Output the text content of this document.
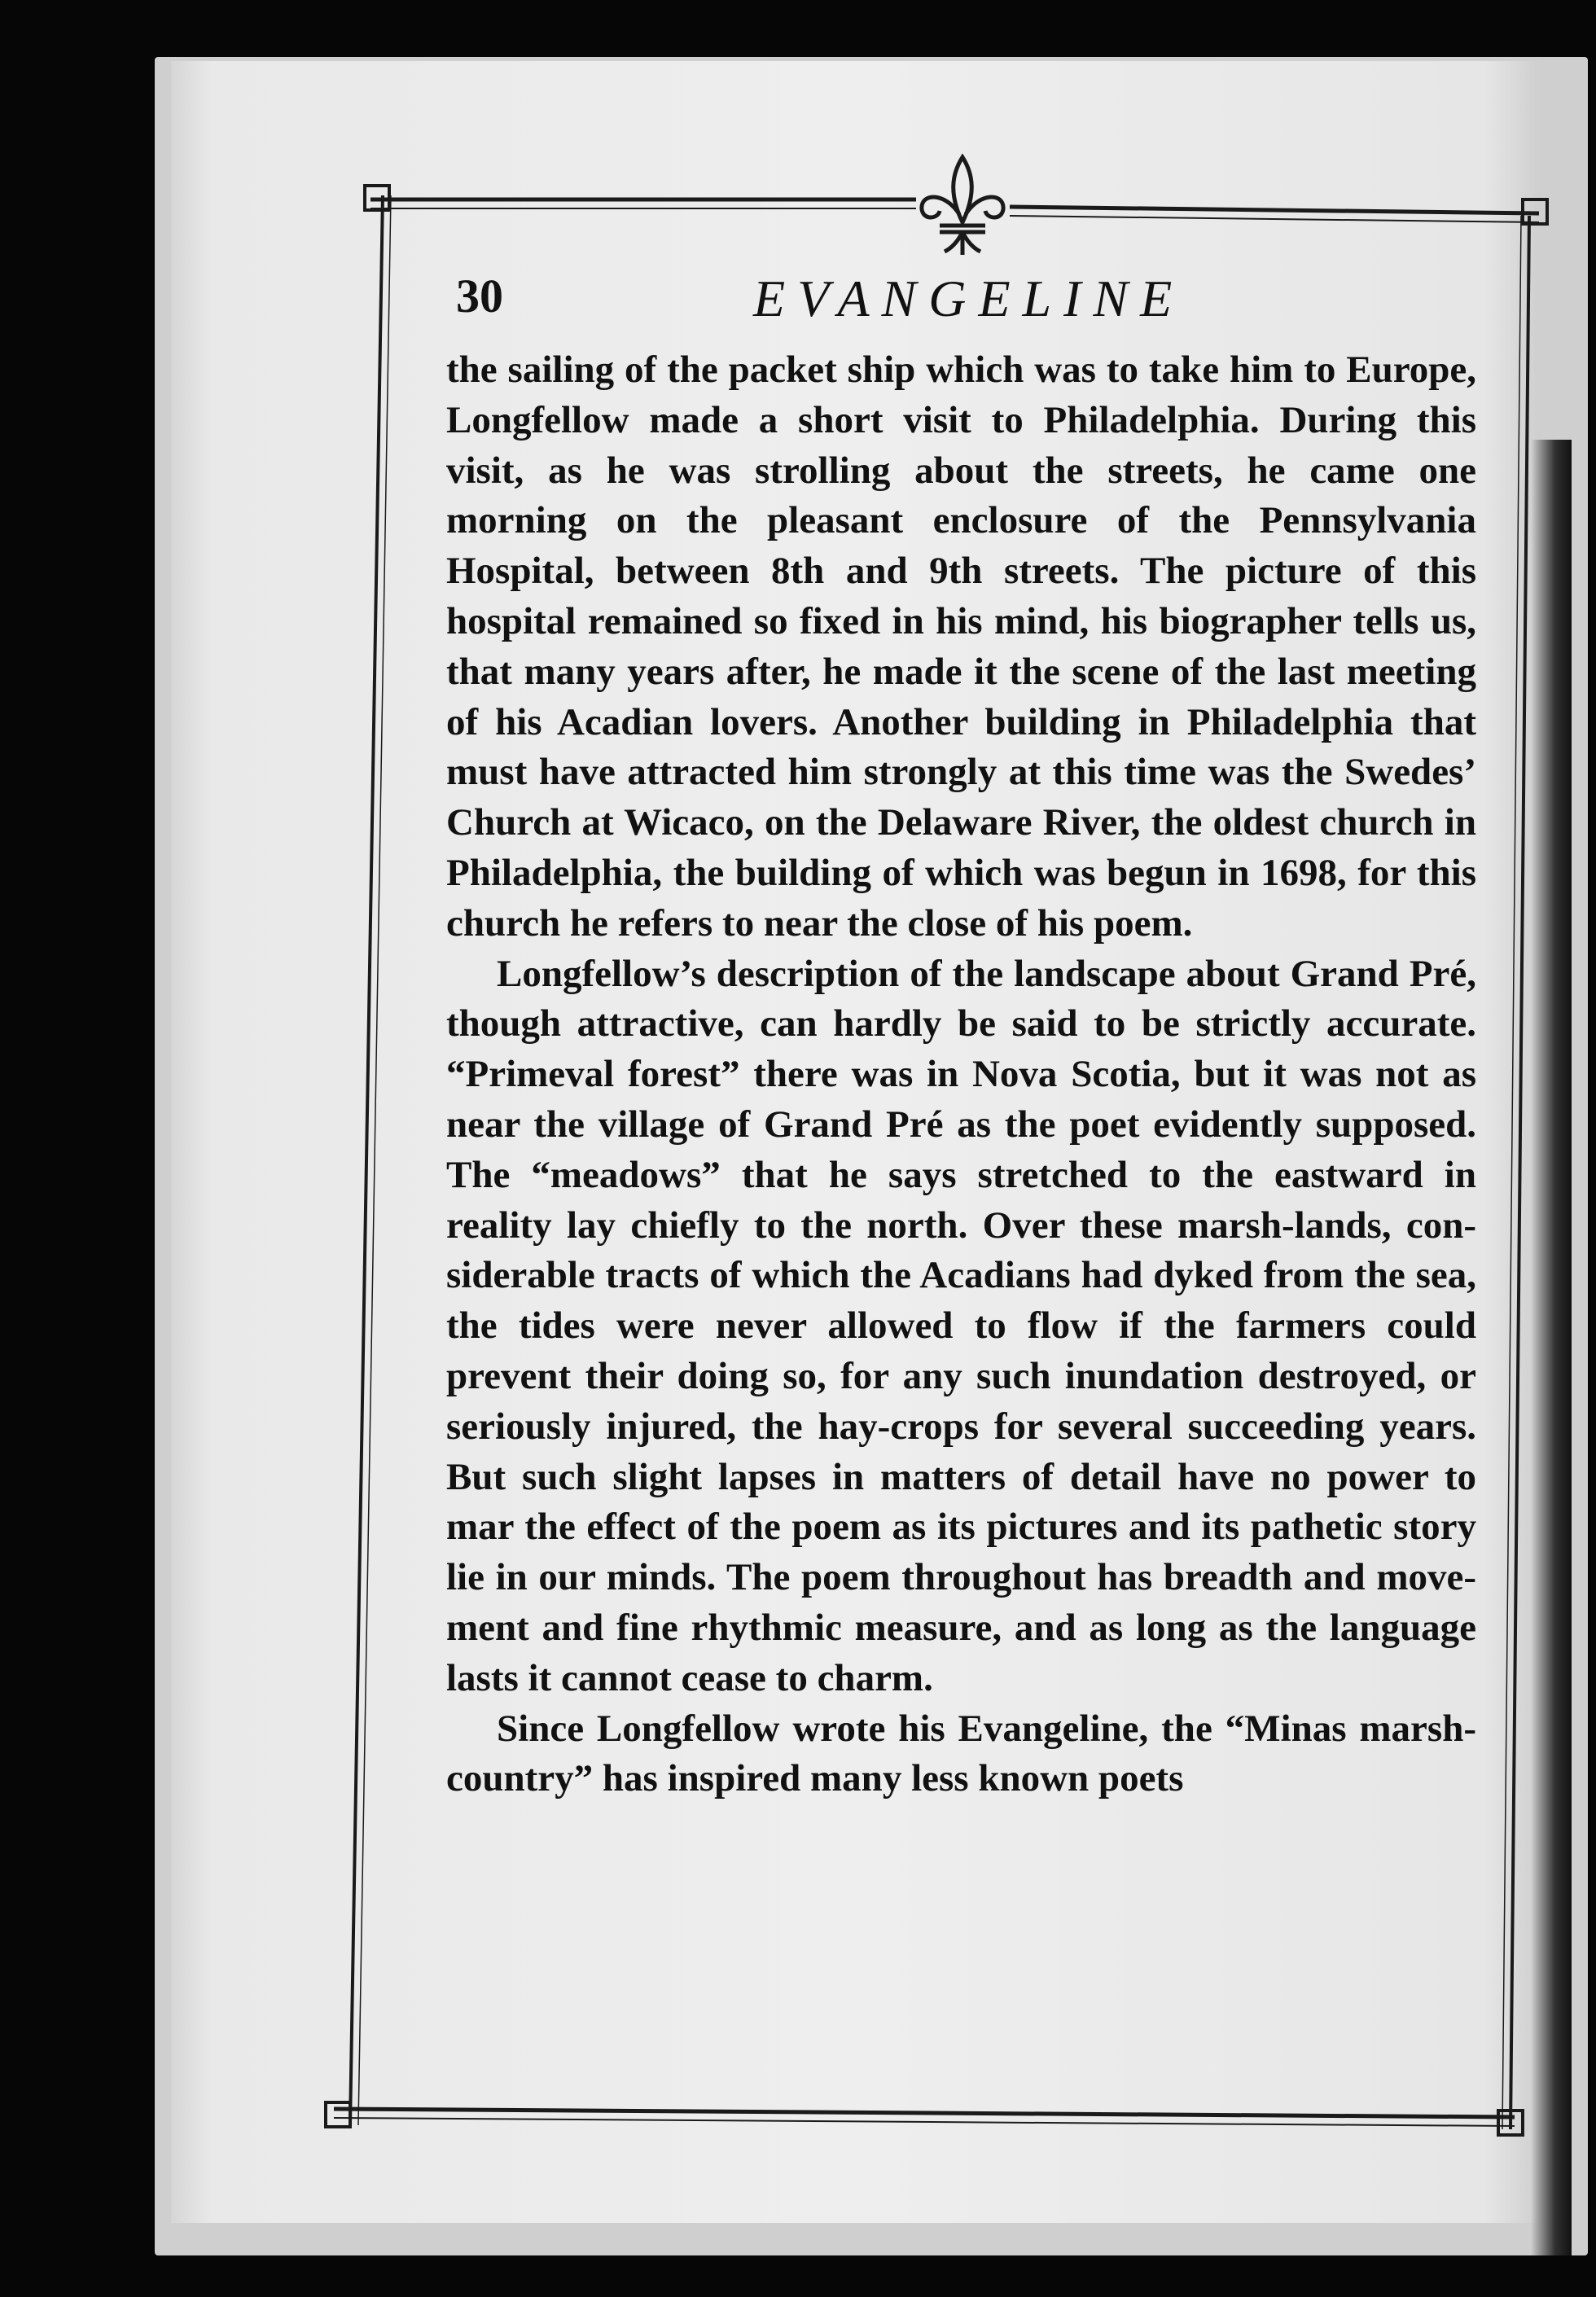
30	EVANGELINE

the sailing of the packet ship which was to take him to Europe, Longfellow made a short visit to Philadelphia. During this visit, as he was strolling about the streets, he came one morning on the pleasant enclosure of the Pennsylvania Hospital, between 8th and 9th streets. The picture of this hospital remained so fixed in his mind, his biographer tells us, that many years after, he made it the scene of the last meeting of his Acadian lovers. Another building in Philadelphia that must have attracted him strongly at this time was the Swedes’ Church at Wicaco, on the Delaware River, the oldest church in Philadelphia, the building of which was begun in 1698, for this church he refers to near the close of his poem.

Longfellow’s description of the landscape about Grand Pré, though attractive, can hardly be said to be strictly accurate. “Primeval forest” there was in Nova Scotia, but it was not as near the village of Grand Pré as the poet evidently supposed. The “meadows” that he says stretched to the eastward in reality lay chiefly to the north. Over these marsh-lands, considerable tracts of which the Acadians had dyked from the sea, the tides were never allowed to flow if the farmers could prevent their doing so, for any such inundation destroyed, or seriously injured, the hay-crops for several succeeding years. But such slight lapses in matters of detail have no power to mar the effect of the poem as its pictures and its pathetic story lie in our minds. The poem throughout has breadth and movement and fine rhythmic measure, and as long as the language lasts it cannot cease to charm.

Since Longfellow wrote his Evangeline, the “Minas marsh-country” has inspired many less known poets
